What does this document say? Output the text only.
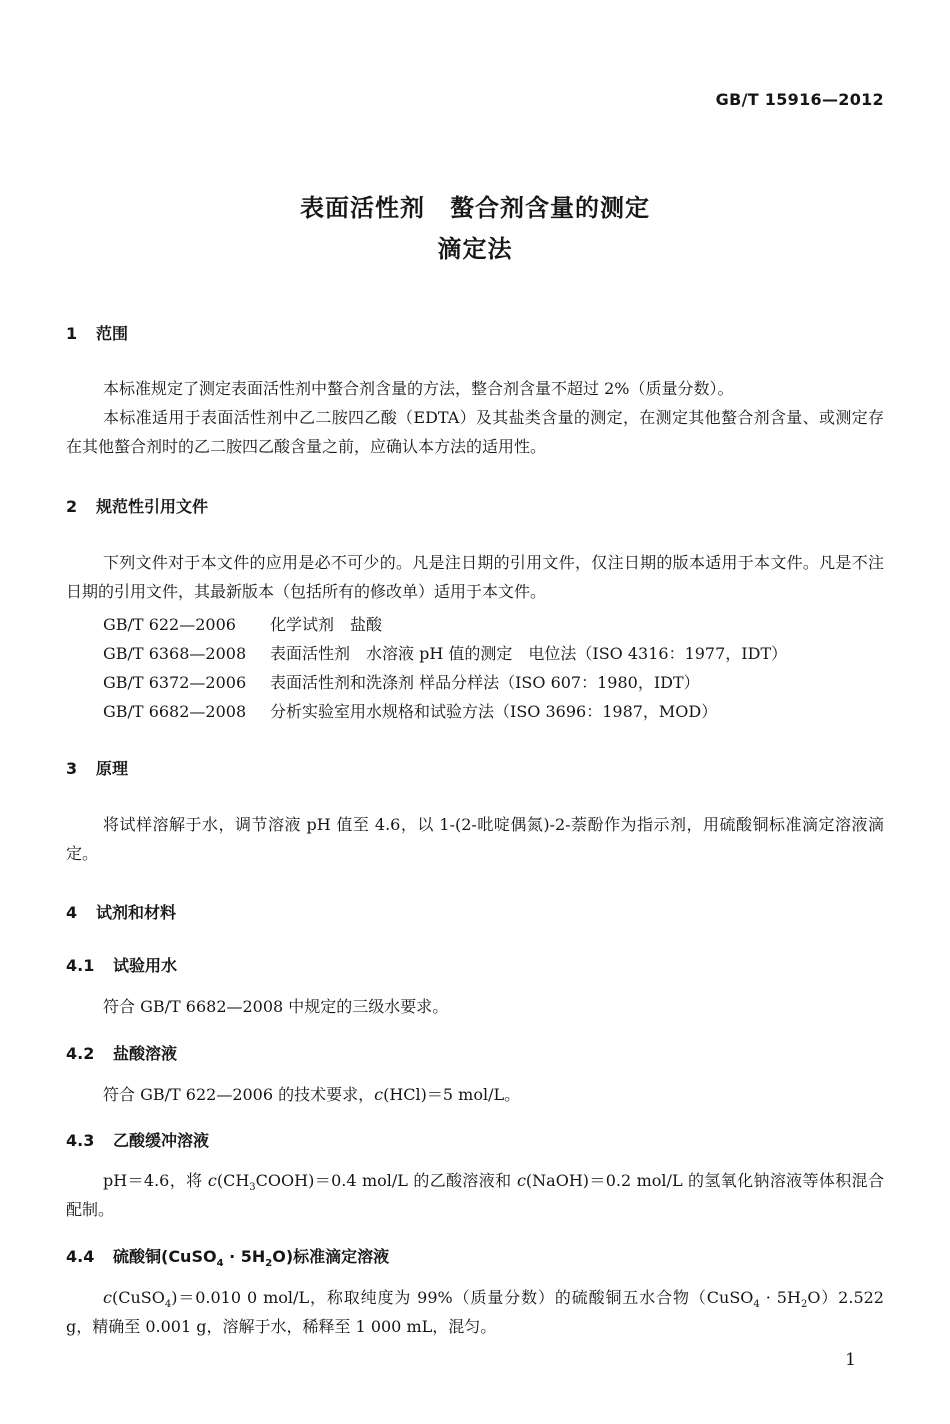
GB/T 15916—2012
表面活性剂　螯合剂含量的测定
滴定法
1 范围
本标准规定了测定表面活性剂中螯合剂含量的方法，整合剂含量不超过 2%（质量分数）。
本标准适用于表面活性剂中乙二胺四乙酸（EDTA）及其盐类含量的测定，在测定其他螯合剂含量、或测定存在其他螯合剂时的乙二胺四乙酸含量之前，应确认本方法的适用性。
2 规范性引用文件
下列文件对于本文件的应用是必不可少的。凡是注日期的引用文件，仅注日期的版本适用于本文件。凡是不注日期的引用文件，其最新版本（包括所有的修改单）适用于本文件。
GB/T 622—2006 化学试剂　盐酸
GB/T 6368—2008 表面活性剂　水溶液 pH 值的测定　电位法（ISO 4316：1977，IDT）
GB/T 6372—2006 表面活性剂和洗涤剂 样品分样法（ISO 607：1980，IDT）
GB/T 6682—2008 分析实验室用水规格和试验方法（ISO 3696：1987，MOD）
3 原理
将试样溶解于水，调节溶液 pH 值至 4.6，以 1-(2-吡啶偶氮)-2-萘酚作为指示剂，用硫酸铜标准滴定溶液滴定。
4 试剂和材料
4.1 试验用水
符合 GB/T 6682—2008 中规定的三级水要求。
4.2 盐酸溶液
符合 GB/T 622—2006 的技术要求，c(HCl)＝5 mol/L。
4.3 乙酸缓冲溶液
pH＝4.6，将 $c(CH_3COOH)=0.4$ mol/L 的乙酸溶液和 c(NaOH)＝0.2 mol/L 的氢氧化钠溶液等体积混合配制。
4.4 硫酸铜(CuSO$_4$ · $5H_2O$)标准滴定溶液
c(CuSO$_4$)＝0.010 0 mol/L，称取纯度为 99%（质量分数）的硫酸铜五水合物（CuSO$_4$ · $5H_2O)2.522$ g，精确至 0.001 g，溶解于水，稀释至 1 000 mL，混匀。
1
